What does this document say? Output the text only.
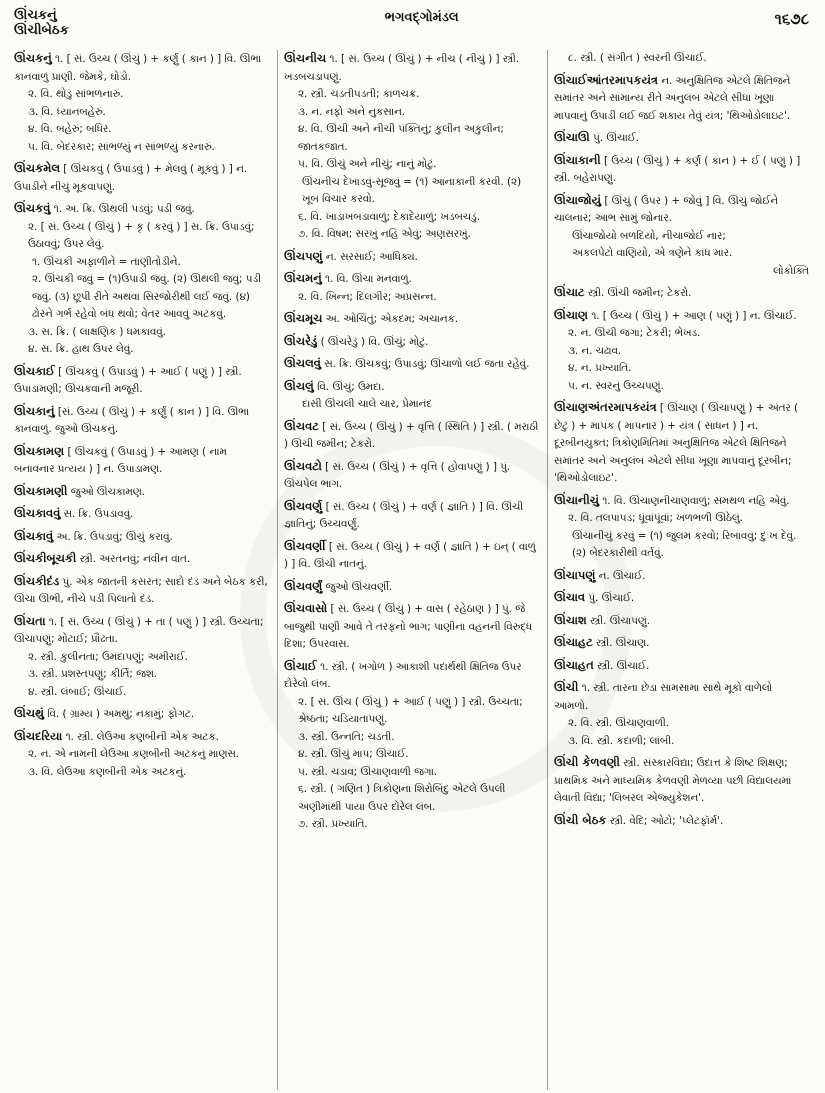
ઊંચકનું
ઊંચીબેઠક
ભગવદ્ગોમંડલ	૧૬૭૮

ઊંચકનું ૧. [ સં. ઉચ્ચ ( ઊંચું ) + કર્ણું ( કાન ) ] વિ. ઊભા કાનવાળું પ્રાણી. જેમકે, ઘોડો.

૨. વિ. થોડું સાંભળનારું.

૩. વિ. ધ્યાનબહેરું.

૪. વિ. બહેરું; બધિર.

૫. વિ. બેદરકાર; સાંભળ્યું ન સાંભળ્યું કરનારું.

ઊંચકમેલ [ ઊંચકવું ( ઉપાડવું ) + મેલવું ( મૂકવું ) ] ન. ઉપાડીને નીચું મૂકવાપણું.

ઊંચકવું ૧. અ. ક્રિ. ઊથલી પડવું; પડી જવું.

૨. [ સં. ઉચ્ચ ( ઊંચું ) + કૃ ( કરવું ) ] સ. ક્રિ. ઉપાડવું; ઉઠાવવું; ઉપર લેવું.

૧. ઊંચકી અફાળીને = તાણીતોડીને.

૨. ઊંચકી જવું = (૧)ઉપાડી જવું. (૨) ઊથલી જવું; પડી જવું. (૩) છૂપી રીતે અથવા સિરજોરીથી લઈ જવું. (૪) ઢોરને ગર્ભ રહેવો બંધ થવો; વેતર આવવું અટકવું.

૩. સ. ક્રિ. ( લાક્ષણિક ) ધમકાવવું.

૪. સ. ક્રિ. હાથ ઉપર લેવું.

ઊંચકાઈ [ ઊંચકવું ( ઉપાડવું ) + આઈ ( પણું ) ] સ્ત્રી. ઉપાડામણી; ઊંચકવાની મજૂરી.

ઊંચકાનું [સં. ઉચ્ચ ( ઊંચું ) + કર્ણું ( કાન ) ] વિ. ઊભા કાનવાળું. જુઓ ઊંચકનું.

ઊંચકામણ [ ઊંચકવું ( ઉપાડવું ) + આમણ ( નામ બનાવનાર પ્રત્યય ) ] ન. ઉપાડામણ.

ઊંચકામણી જુઓ ઊંચકામણ.

ઊંચકાવવું સ. ક્રિ. ઉપડાવવું.

ઊંચકાવું અ. ક્રિ. ઉપડાવું; ઊંચું કરાવું.

ઊંચકીબૂચકી સ્ત્રી. અરતનવું; નવીન વાત.

ઊંચકીદંડ પું. એક જાતની કસરત; સાદો દંડ અને બેઠક કરી, ઊંચા ઊભી, નીચે પડી પિલાતો દંડ.

ઊંચતા ૧. [ સં. ઉચ્ચ ( ઊંચું ) + તા ( પણું ) ] સ્ત્રી. ઉચ્ચતા; ઊંચાપણું; મોટાઈ; પ્રૌઢતા.

૨. સ્ત્રી. કુલીનતા; ઉમદાપણું; અમીરાઈ.

૩. સ્ત્રી. પ્રશસ્તપણું; કીર્તિ; જશ.

૪. સ્ત્રી. લંબાઈ; ઊંચાઈ.

ઊંચથું વિ. ( ગ્રામ્ય ) અમથું; નકામું; ફોગટ.

ઊંચદરિયા ૧. સ્ત્રી. લેઉઆ કણબીની એક અટક.

૨. ન. એ નામની લેઉઆ કણબીની અટકનું માણસ.

૩. વિ. લેઉઆ કણબીની એક અટકનું.

ઊંચનીચ ૧. [ સં. ઉચ્ચ ( ઊંચું ) + નીચ ( નીચું ) ] સ્ત્રી. ખડબચડાપણું.

૨. સ્ત્રી. ચડતીપડતી; કાળચક્ર.

૩. ન. નફો અને નુકસાન.

૪. વિ. ઊંચી અને નીચી પંક્તિનું; કુલીન અકુલીન; જાતકજાત.

૫. વિ. ઊંચું અને નીચું; નાનું મોટું.

ઊંચનીચ દેખાડવું-સૂજવું = (૧) આનાકાની કરવી. (૨) ખૂબ વિચાર કરવો.

૬. વિ. ખાડાખબડાવાળું; દેકાદેયાળું; ખડબચડું.

૭. વિ. વિષમ; સરખું નહિ એવું; અણસરખું.

ઊંચપણું ન. સરસાઈ; આધિક્ય.

ઊંચમનું ૧. વિ. ઊંચા મનવાળું.

૨. વિ. ખિન્ન; દિલગીર; અપ્રસન્ન.

ઊંચમૂચ અ. ઓચિંતું; એકદમ; અચાનક.

ઊંચરેડું ( ઊંચરેડું ) વિ. ઊંચું; મોટું.

ઊંચલવું સ. ક્રિ. ઊંચકવું; ઉપાડવું; ઊંચાળો લઈ જતા રહેવું.

ઊંચલું વિ. ઊંચું; ઉમદા.

દાસી ઊંચલી ચાલે ચાર, પ્રેમાનંદ

ઊંચવટ [ સં. ઉચ્ચ ( ઊંચું ) + વૃત્તિ ( સ્થિતિ ) ] સ્ત્રી. ( મરાઠી ) ઊંચી જમીન; ટેકરો.

ઊંચવટો [ સં. ઉચ્ચ ( ઊંચું ) + વૃત્તિ ( હોવાપણું ) ] પું. ઊંચપેલ ભાગ.

ઊંચવર્ણુ [ સં. ઉચ્ચ ( ઊંચું ) + વર્ણ ( જ્ઞાતિ ) ] વિ. ઊંચી જ્ઞાતિનું; ઉચ્ચવર્ણું.

ઊંચવર્ણી [ સં. ઉચ્ચ ( ઊંચું ) + વર્ણ ( જ્ઞાતિ ) + ઇન્ ( વાળું ) ] વિ. ઊંચી નાતનું.

ઊંચવર્ણું જુઓ ઊંચવર્ણી.

ઊંચવાસો [ સં. ઉચ્ચ ( ઊંચું ) + વાસ ( રહેઠાણ ) ] પું. જે બાજુથી પાણી આવે તે તરફનો ભાગ; પાણીના વહનની વિરુદ્ધ દિશા; ઉપરવાસ.

ઊંચાઈ ૧. સ્ત્રી. ( ખગોળ ) આકાશી પદાર્થથી ક્ષિતિજ ઉપર દોરેલો લંબ.

૨. [ સં. ઊંચ ( ઊંચું ) + આઈ ( પણું ) ] સ્ત્રી. ઉચ્ચતા; શ્રેષ્ઠતા; ચડિયાતાપણું.

૩. સ્ત્રી. ઉન્નતિ; ચડતી.

૪. સ્ત્રી. ઊંચું માપ; ઊંચાઈ.

૫. સ્ત્રી. ચડાવ; ઊંચાણવાળી જગા.

૬. સ્ત્રી. ( ગણિત ) ત્રિકોણના શિરોબિંદુ એટલે ઉપલી અણીમાંથી પાયા ઉપર દોરેલ લંબ.

૭. સ્ત્રી. પ્રખ્યાતિ.

૮. સ્ત્રી. ( સંગીત ) સ્વરની ઊંચાઈ.

ઊંચાઈઆંતરમાપકયંત્ર ન. અનુક્ષિતિજ એટલે ક્ષિતિજને સમાંતર અને સામાન્ય રીતે અનુલંબ એટલે સીધા ખૂણા માપવાનું ઉપાડી લઈ જઈ શકાય તેવું યંત્ર; 'થિઓડોલાઇટ'.

ઊંચાઊ પું. ઊંચાઈ.

ઊંચાકાની [ ઉચ્ચ ( ઊંચું ) + કર્ણ ( કાન ) + ઈ ( પણું ) ] સ્ત્રી. બહેરાપણું.

ઊંચાજોયું [ ઊંચું ( ઉપર ) + જોવું ] વિ. ઊંચું જોઈને ચાલનાર; આભ સામું જોનાર.

ઊંચાજોયો બળદિયો, નીચાજોઈ નાર;

અકલપેટો વાણિયો, એ ત્રણેને કાંધ માર.

લોકોક્તિ

ઊંચાટ સ્ત્રી. ઊંચી જમીન; ટેકરો.

ઊંચાણ ૧. [ ઉચ્ચ ( ઊંચું ) + આણ ( પણું ) ] ન. ઊંચાઈ.

૨. ન. ઊંચી જગા; ટેકરી; ભેખડ.

૩. ન. ચઢાવ.

૪. ન. પ્રખ્યાતિ.

૫. ન. સ્વરનું ઉચ્ચપણું.

ઊંચાણઅંતરમાપકયંત્ર [ ઊંચાણ ( ઊંચાપણું ) + અંતર ( છેટું ) + માપક ( માપનાર ) + યંત્ર ( સાધન ) ] ન. દૂરબીનયુક્ત; ત્રિકોણમિતિમાં અનુક્ષિતિજ એટલે ક્ષિતિજને સમાંતર અને અનુલંબ એટલે સીધા ખૂણા માપવાનું દૂરબીન; 'થિઓડોલાઇટ'.

ઊંચાનીચું ૧. વિ. ઊંચાણનીચાણવાળું; સમથળ નહિ એવું.

૨. વિ. તલપાપડ; ધૂંવાંપૂંવાં; ખળભળી ઊઠેલું.

ઊંચાનીચું કરવું = (૧) જુલમ કરવો; રિબાવવું; દુઃખ દેવું. (૨) બેદરકારીથી વર્તવું.

ઊંચાપણું ન. ઊંચાઈ.

ઊંચાવ પું. ઊંચાઈ.

ઊંચાશ સ્ત્રી. ઊંચાપણું.

ઊંચાહટ સ્ત્રી. ઊંચાણ.

ઊંચાહત સ્ત્રી. ઊંચાઈ.

ઊંચી ૧. સ્ત્રી. તારના છેડા સામસામા સાથે મૂકો વાળેલો આમળો.

૨. વિ. સ્ત્રી. ઊંચાણવાળી.

૩. વિ. સ્ત્રી. કદાળી; લાંબી.

ઊંચી કેળવણી સ્ત્રી. સંસ્કારવિદ્યા; ઉદાત્ત કે શિષ્ટ શિક્ષણ; પ્રાથમિક અને માધ્યમિક કેળવણી મેળવ્યા પછી વિદ્યાલયમાં લેવાતી વિદ્યા; 'લિબરલ એજ્યુકેશન'.

ઊંચી બેઠક સ્ત્રી. વેદિ; ઓટો; 'પ્લેટફૉર્મ'.
